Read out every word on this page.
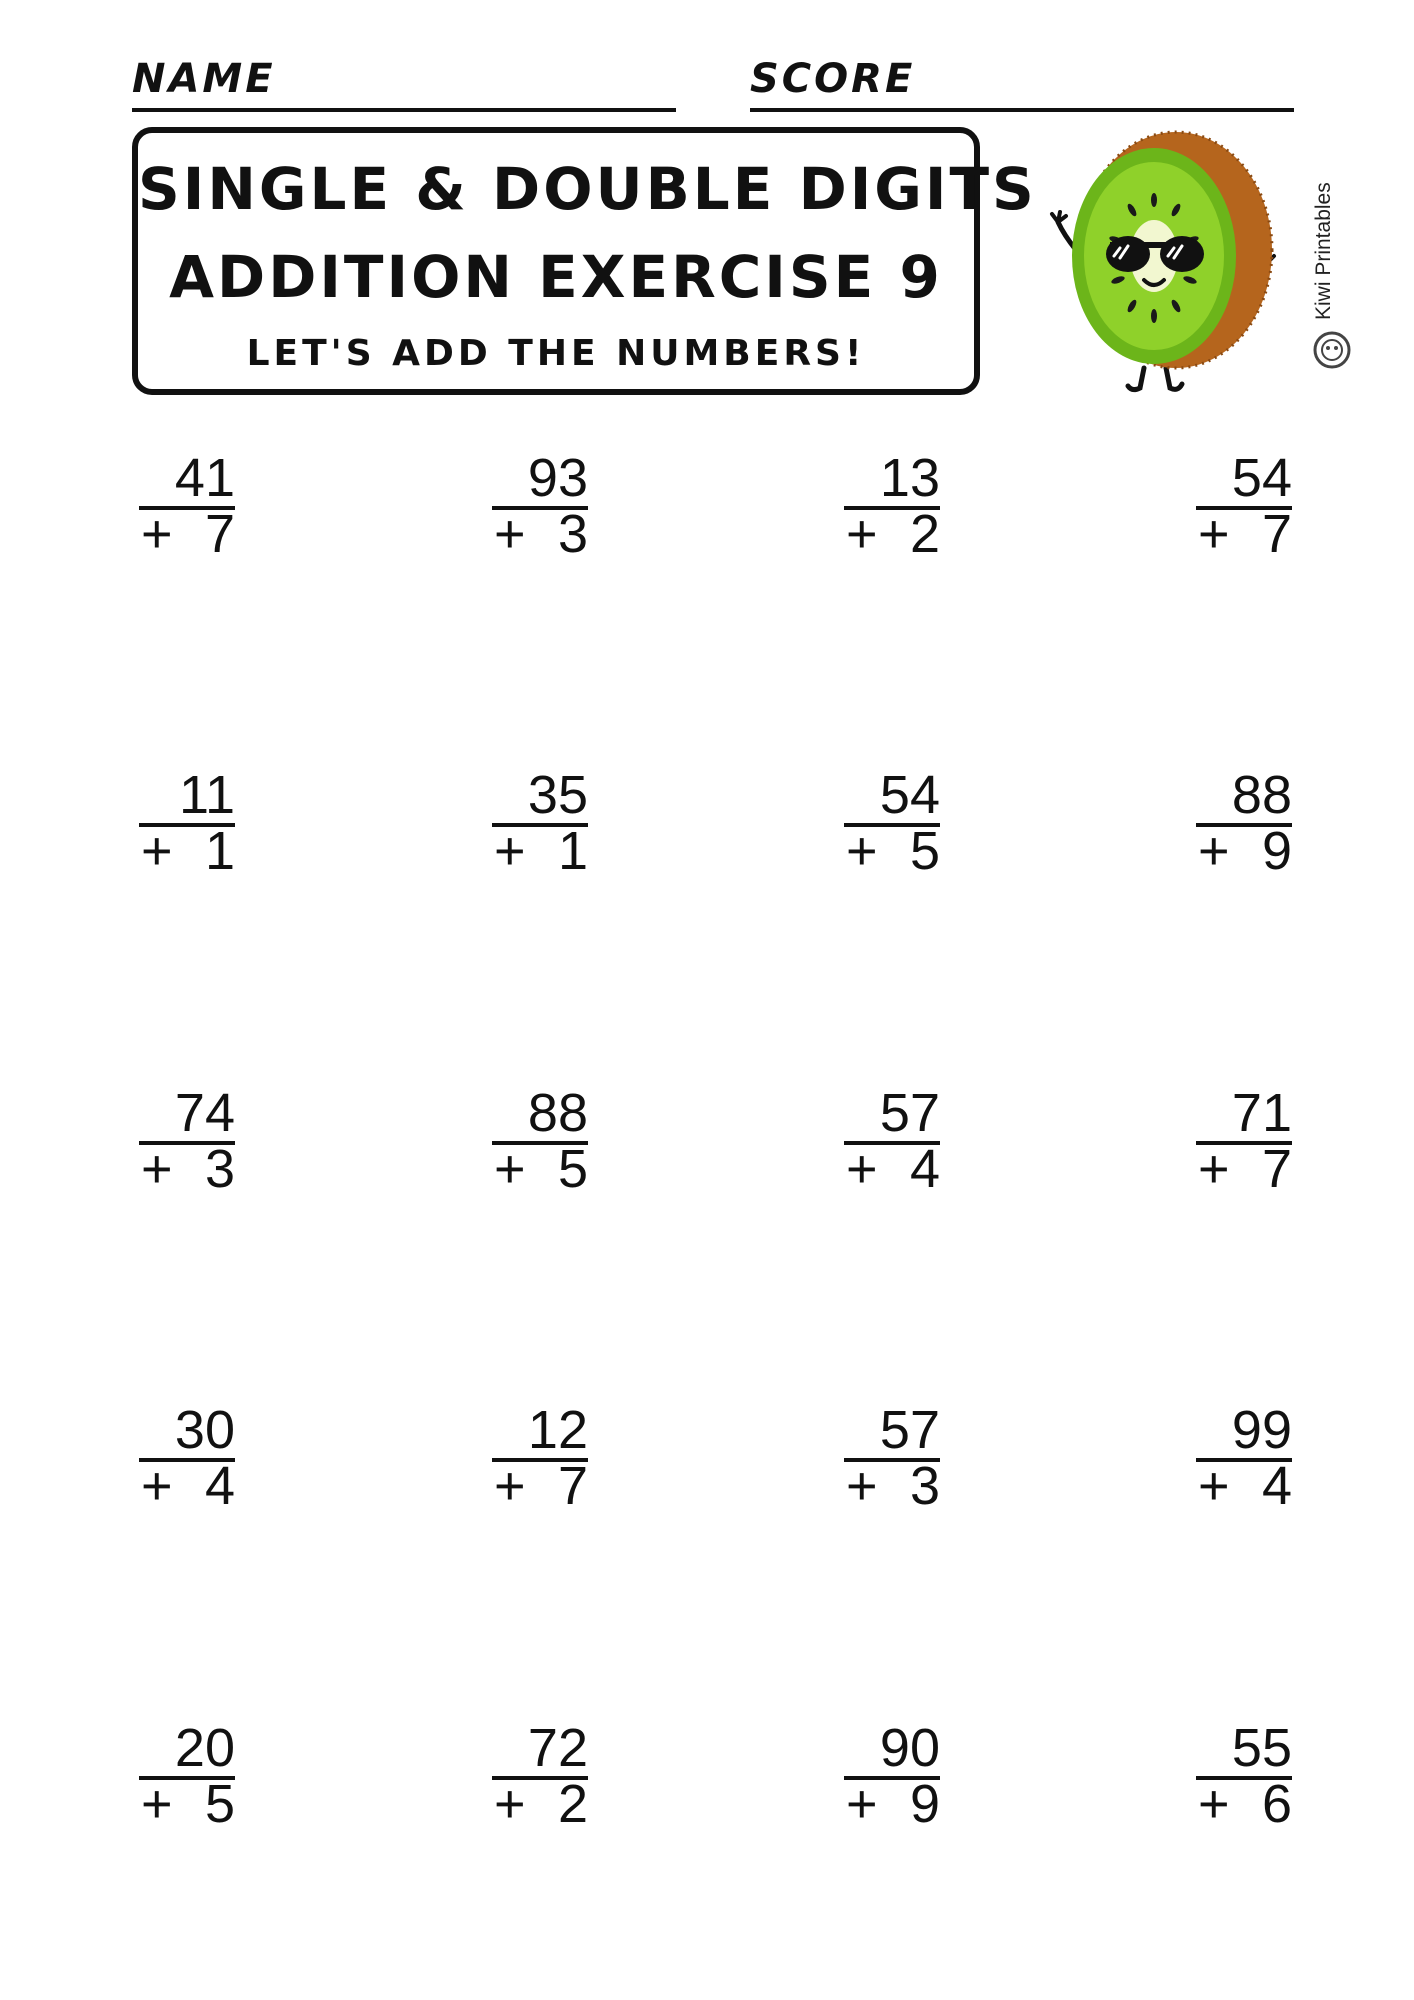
NAME	SCORE
SINGLE & DOUBLE DIGITS
ADDITION EXERCISE 9
LET'S ADD THE NUMBERS!
Kiwi Printables
41
+ 7
93
+ 3
13
+ 2
54
+ 7
11
+ 1
35
+ 1
54
+ 5
88
+ 9
74
+ 3
88
+ 5
57
+ 4
71
+ 7
30
+ 4
12
+ 7
57
+ 3
99
+ 4
20
+ 5
72
+ 2
90
+ 9
55
+ 6
